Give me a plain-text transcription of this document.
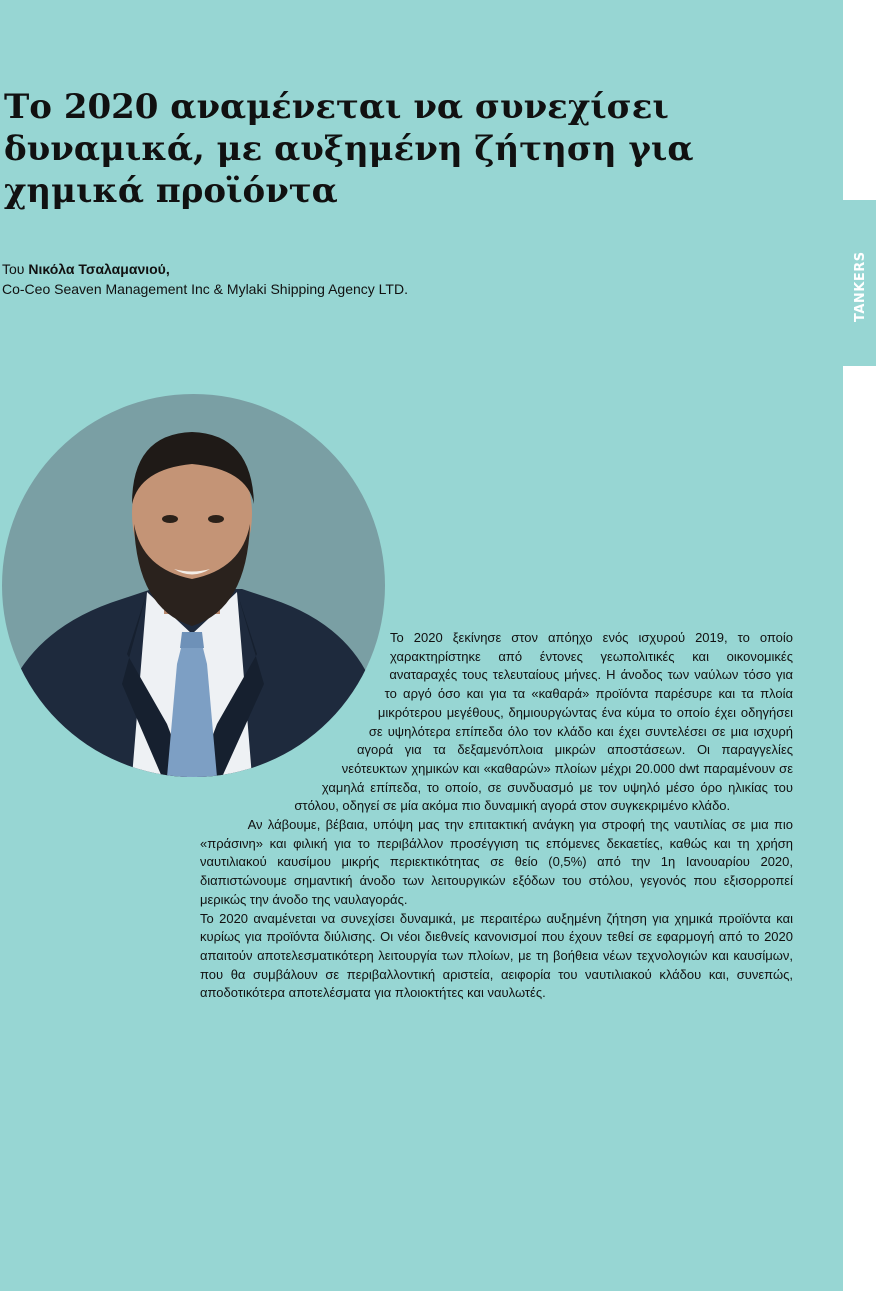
TANKERS
Το 2020 αναμένεται να συνεχίσει δυναμικά, με αυξημένη ζήτηση για χημικά προϊόντα
Του Νικόλα Τσαλαμανιού,
Co-Ceo Seaven Management Inc & Mylaki Shipping Agency LTD.

Το 2020 ξεκίνησε στον απόηχο ενός ισχυρού 2019, το οποίο χαρακτηρίστηκε από έντονες γεωπολιτικές και οικονομικές αναταραχές τους τελευταίους μήνες. Η άνοδος των ναύλων τόσο για το αργό όσο και για τα «καθαρά» προϊόντα παρέσυρε και τα πλοία μικρότερου μεγέθους, δημιουργώντας ένα κύμα το οποίο έχει οδηγήσει σε υψηλότερα επίπεδα όλο τον κλάδο και έχει συντελέσει σε μια ισχυρή αγορά για τα δεξαμενόπλοια μικρών αποστάσεων. Οι παραγγελίες νεότευκτων χημικών και «καθαρών» πλοίων μέχρι 20.000 dwt παραμένουν σε χαμηλά επίπεδα, το οποίο, σε συνδυασμό με τον υψηλό μέσο όρο ηλικίας του στόλου, οδηγεί σε μία ακόμα πιο δυναμική αγορά στον συγκεκριμένο κλάδο.

Αν λάβουμε, βέβαια, υπόψη μας την επιτακτική ανάγκη για στροφή της ναυτιλίας σε μια πιο «πράσινη» και φιλική για το περιβάλλον προσέγγιση τις επόμενες δεκαετίες, καθώς και τη χρήση ναυτιλιακού καυσίμου μικρής περιεκτικότητας σε θείο (0,5%) από την 1η Ιανουαρίου 2020, διαπιστώνουμε σημαντική άνοδο των λειτουργικών εξόδων του στόλου, γεγονός που εξισορροπεί μερικώς την άνοδο της ναυλαγοράς.

Το 2020 αναμένεται να συνεχίσει δυναμικά, με περαιτέρω αυξημένη ζήτηση για χημικά προϊόντα και κυρίως για προϊόντα διύλισης. Οι νέοι διεθνείς κανονισμοί που έχουν τεθεί σε εφαρμογή από το 2020 απαιτούν αποτελεσματικότερη λειτουργία των πλοίων, με τη βοήθεια νέων τεχνολογιών και καυσίμων, που θα συμβάλουν σε περιβαλλοντική αριστεία, αειφορία του ναυτιλιακού κλάδου και, συνεπώς, αποδοτικότερα αποτελέσματα για πλοιοκτήτες και ναυλωτές.
